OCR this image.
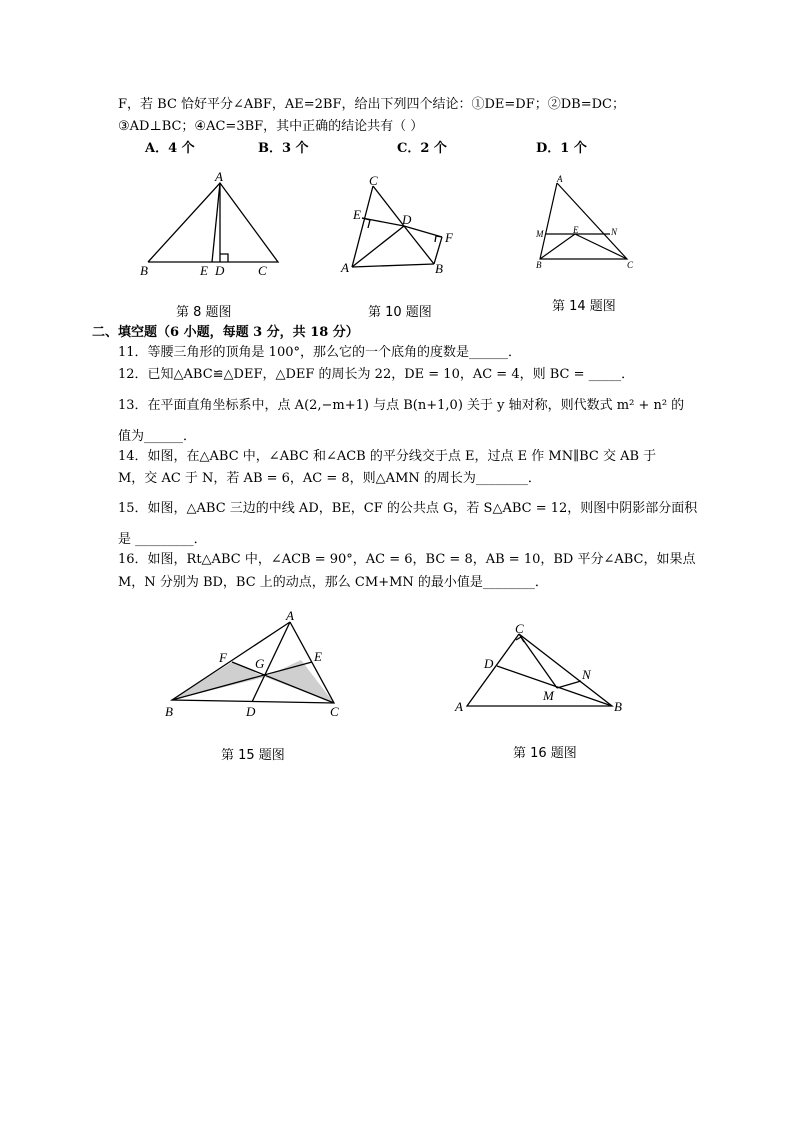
F，若 BC 恰好平分∠ABF，AE=2BF，给出下列四个结论：①DE=DF；②DB=DC；
③AD⊥BC；④AC=3BF，其中正确的结论共有（ ）
A．4 个	B．3 个	C．2 个	D．1 个
A
B	E D	C
C
E	D
F
A	B
A
M	E	N
B	C
A
F G	E
B	D	C
C
D
N
M
A	B
第 8 题图	第 10 题图	第 14 题图
二、填空题（6 小题，每题 3 分，共 18 分）
11．等腰三角形的顶角是 100°，那么它的一个底角的度数是______．
12．已知△ABC≌△DEF，△DEF 的周长为 22，DE = 10，AC = 4，则 BC = _____．
13．在平面直角坐标系中，点 A(2,−m+1) 与点 B(n+1,0) 关于 y 轴对称，则代数式 m² + n² 的
值为______．
14．如图，在△ABC 中，∠ABC 和∠ACB 的平分线交于点 E，过点 E 作 MN∥BC 交 AB 于
M，交 AC 于 N，若 AB = 6，AC = 8，则△AMN 的周长为________．
15．如图，△ABC 三边的中线 AD，BE，CF 的公共点 G，若 S△ABC = 12，则图中阴影部分面积
是 _________．
16．如图，Rt△ABC 中，∠ACB = 90°，AC = 6，BC = 8，AB = 10，BD 平分∠ABC，如果点
M，N 分别为 BD，BC 上的动点，那么 CM+MN 的最小值是________．
第 15 题图	第 16 题图
